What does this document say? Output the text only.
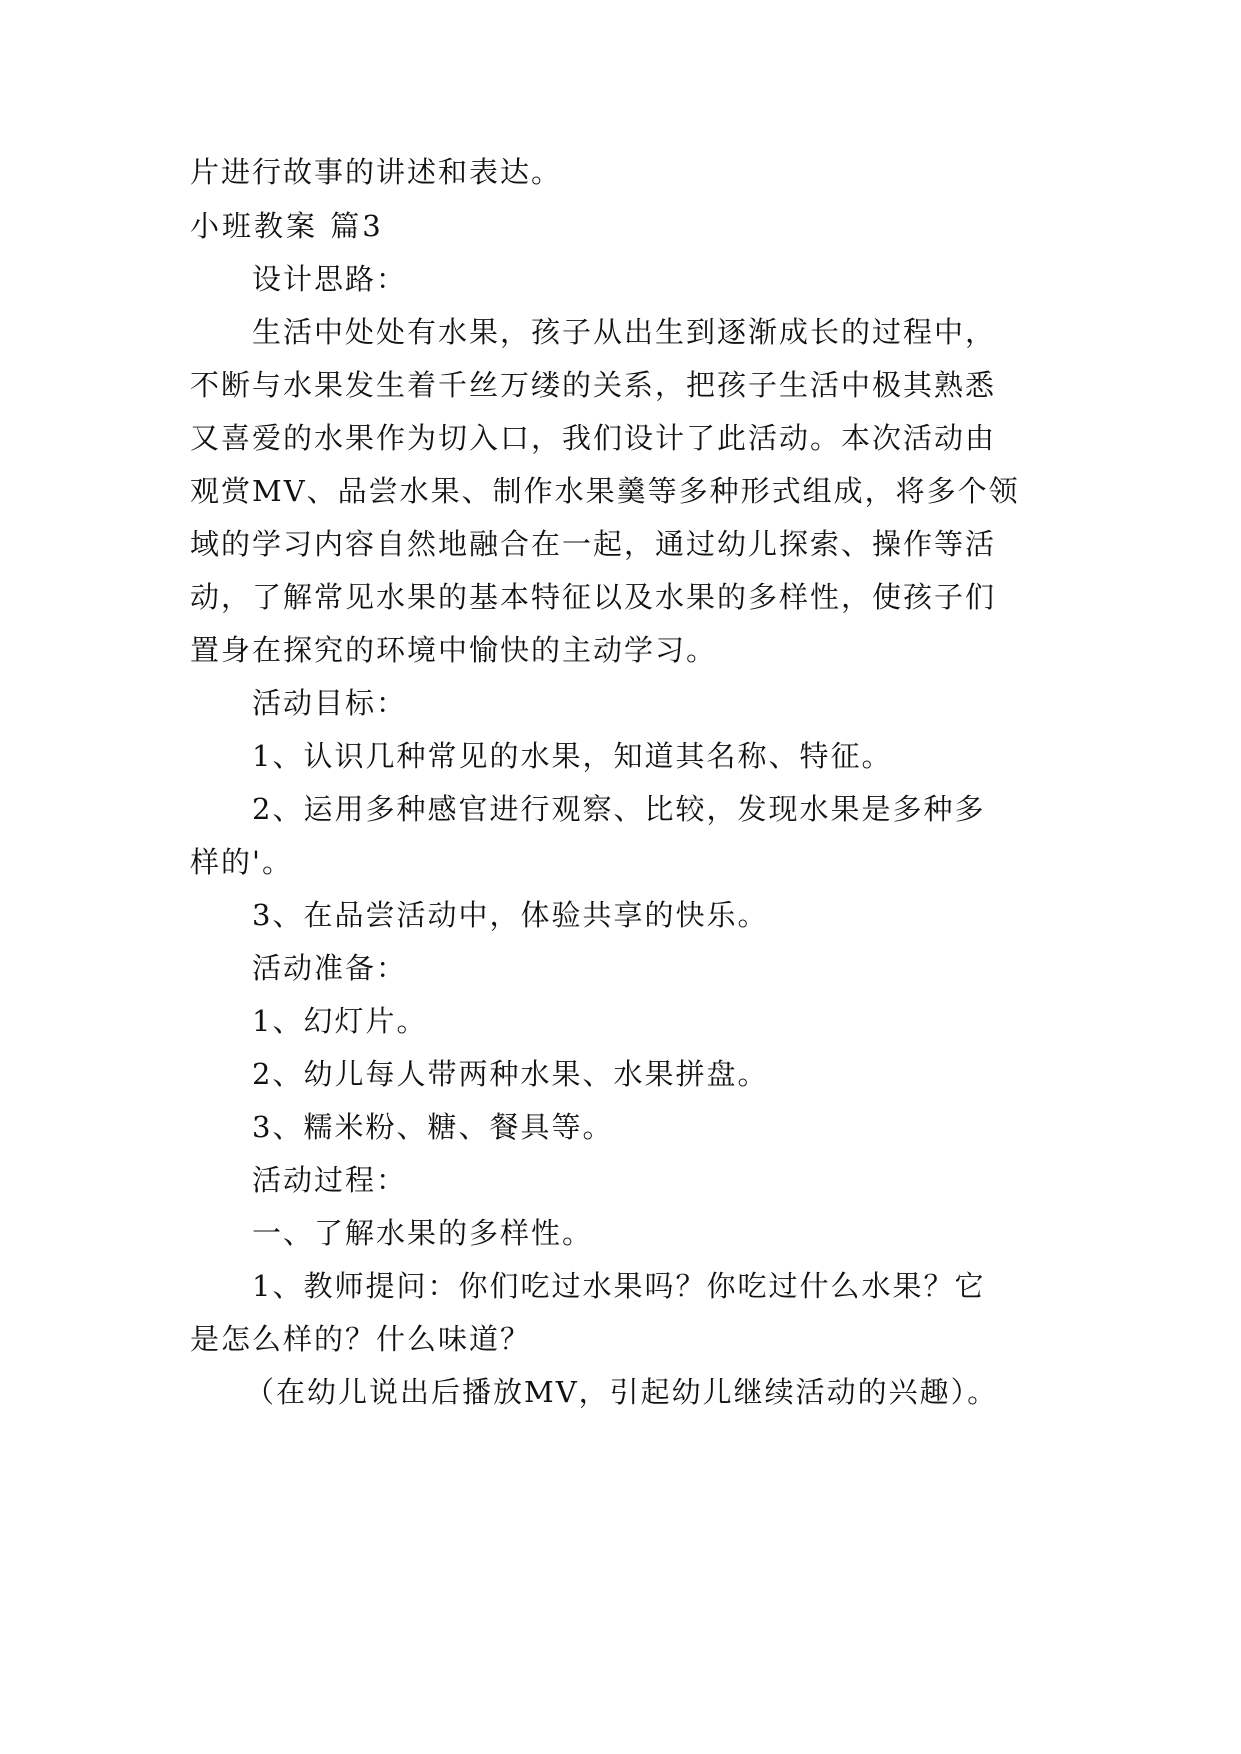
片进行故事的讲述和表达。
小班教案 篇3
设计思路：
生活中处处有水果，孩子从出生到逐渐成长的过程中，
不断与水果发生着千丝万缕的关系，把孩子生活中极其熟悉
又喜爱的水果作为切入口，我们设计了此活动。本次活动由
观赏MV、品尝水果、制作水果羹等多种形式组成，将多个领
域的学习内容自然地融合在一起，通过幼儿探索、操作等活
动，了解常见水果的基本特征以及水果的多样性，使孩子们
置身在探究的环境中愉快的主动学习。
活动目标：
1、认识几种常见的水果，知道其名称、特征。
2、运用多种感官进行观察、比较，发现水果是多种多
样的'。
3、在品尝活动中，体验共享的快乐。
活动准备：
1、幻灯片。
2、幼儿每人带两种水果、水果拼盘。
3、糯米粉、糖、餐具等。
活动过程：
一、了解水果的多样性。
1、教师提问：你们吃过水果吗？你吃过什么水果？它
是怎么样的？什么味道？
（在幼儿说出后播放MV，引起幼儿继续活动的兴趣）。
